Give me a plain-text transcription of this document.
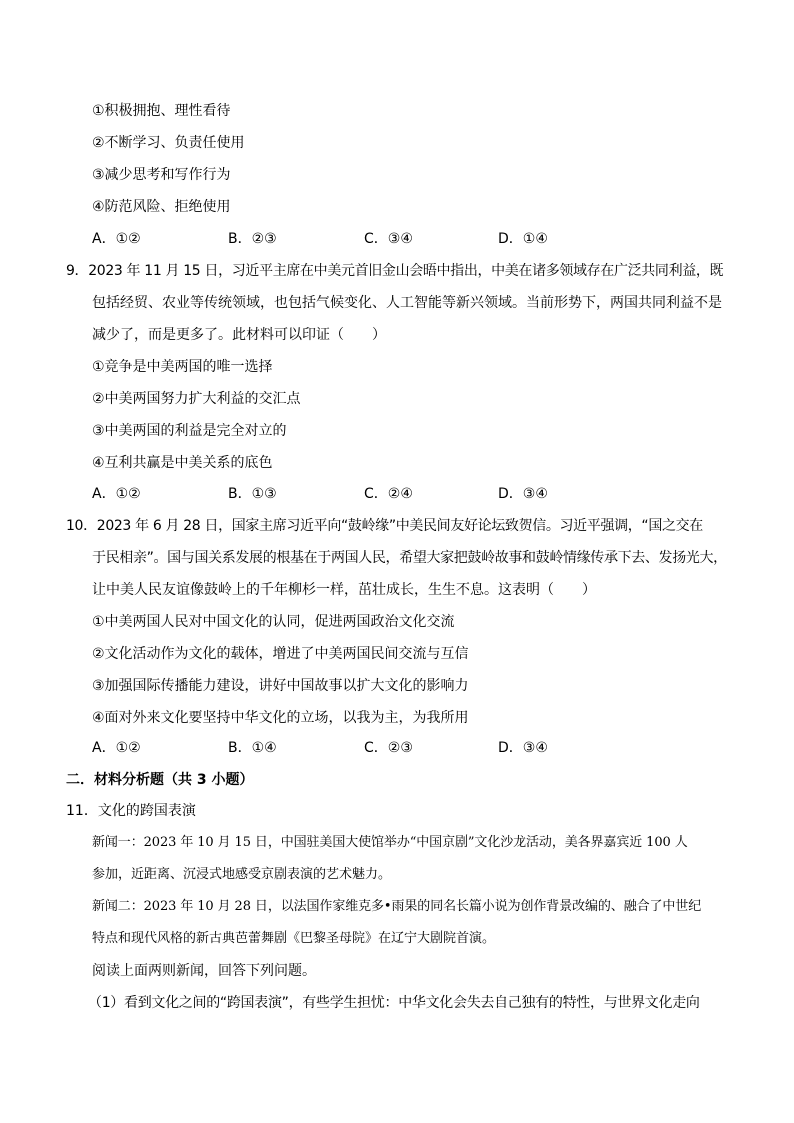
①积极拥抱、理性看待
②不断学习、负责任使用
③减少思考和写作行为
④防范风险、拒绝使用
A．①②	B．②③	C．③④	D．①④
9．2023 年 11 月 15 日，习近平主席在中美元首旧金山会晤中指出，中美在诸多领域存在广泛共同利益，既
包括经贸、农业等传统领域，也包括气候变化、人工智能等新兴领域。当前形势下，两国共同利益不是
减少了，而是更多了。此材料可以印证（　　）
①竞争是中美两国的唯一选择
②中美两国努力扩大利益的交汇点
③中美两国的利益是完全对立的
④互利共赢是中美关系的底色
A．①②	B．①③	C．②④	D．③④
10．2023 年 6 月 28 日，国家主席习近平向“鼓岭缘”中美民间友好论坛致贺信。习近平强调，“国之交在
于民相亲”。国与国关系发展的根基在于两国人民，希望大家把鼓岭故事和鼓岭情缘传承下去、发扬光大，
让中美人民友谊像鼓岭上的千年柳杉一样，茁壮成长，生生不息。这表明（　　）
①中美两国人民对中国文化的认同，促进两国政治文化交流
②文化活动作为文化的载体，增进了中美两国民间交流与互信
③加强国际传播能力建设，讲好中国故事以扩大文化的影响力
④面对外来文化要坚持中华文化的立场，以我为主，为我所用
A．①②	B．①④	C．②③	D．③④
二．材料分析题（共 3 小题）
11．文化的跨国表演
新闻一：2023 年 10 月 15 日，中国驻美国大使馆举办“中国京剧”文化沙龙活动，美各界嘉宾近 100 人
参加，近距离、沉浸式地感受京剧表演的艺术魅力。
新闻二：2023 年 10 月 28 日，以法国作家维克多•雨果的同名长篇小说为创作背景改编的、融合了中世纪
特点和现代风格的新古典芭蕾舞剧《巴黎圣母院》在辽宁大剧院首演。
阅读上面两则新闻，回答下列问题。
（1）看到文化之间的“跨国表演”，有些学生担忧：中华文化会失去自己独有的特性，与世界文化走向
